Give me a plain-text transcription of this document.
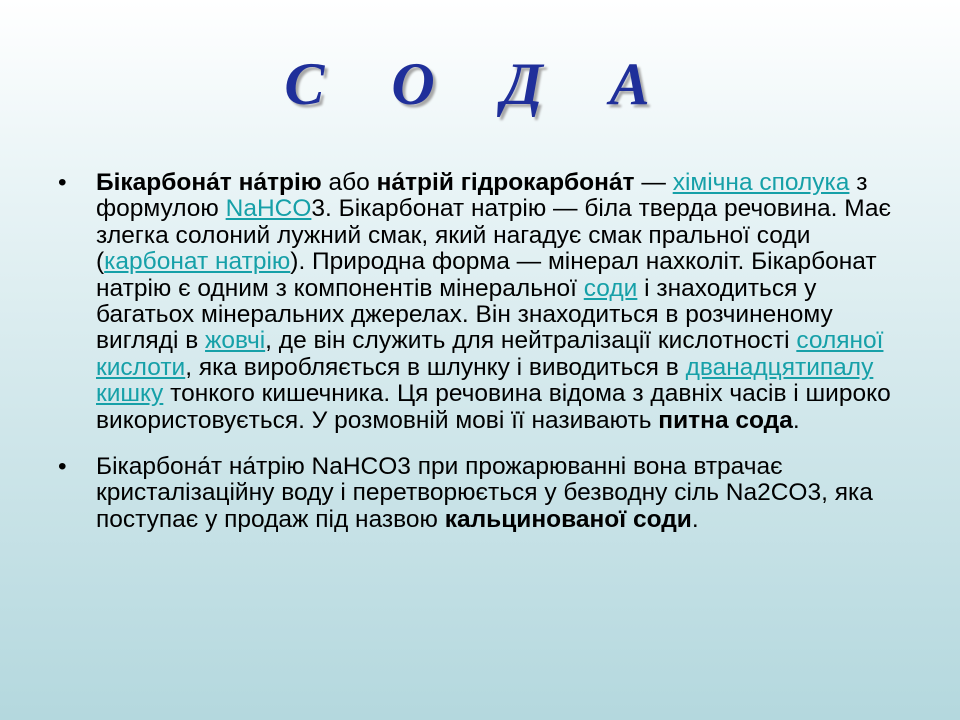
С О Д А
• Бікарбона́т на́трію або на́трій гідрокарбона́т — хімічна сполука з формулою NaHCO3. Бікарбонат натрію — біла тверда речовина. Має злегка солоний лужний смак, який нагадує смак пральної соди (карбонат натрію). Природна форма — мінерал нахколіт. Бікарбонат натрію є одним з компонентів мінеральної соди і знаходиться у багатьох мінеральних джерелах. Він знаходиться в розчиненому вигляді в жовчі, де він служить для нейтралізації кислотності соляної кислоти, яка виробляється в шлунку і виводиться в дванадцятипалу кишку тонкого кишечника. Ця речовина відома з давніх часів і широко використовується. У розмовній мові її називають питна сода.
• Бікарбона́т на́трію NaHCO3 при прожарюванні вона втрачає кристалізаційну воду і перетворюється у безводну сіль Na2CO3, яка поступає у продаж під назвою кальцинованої соди.
